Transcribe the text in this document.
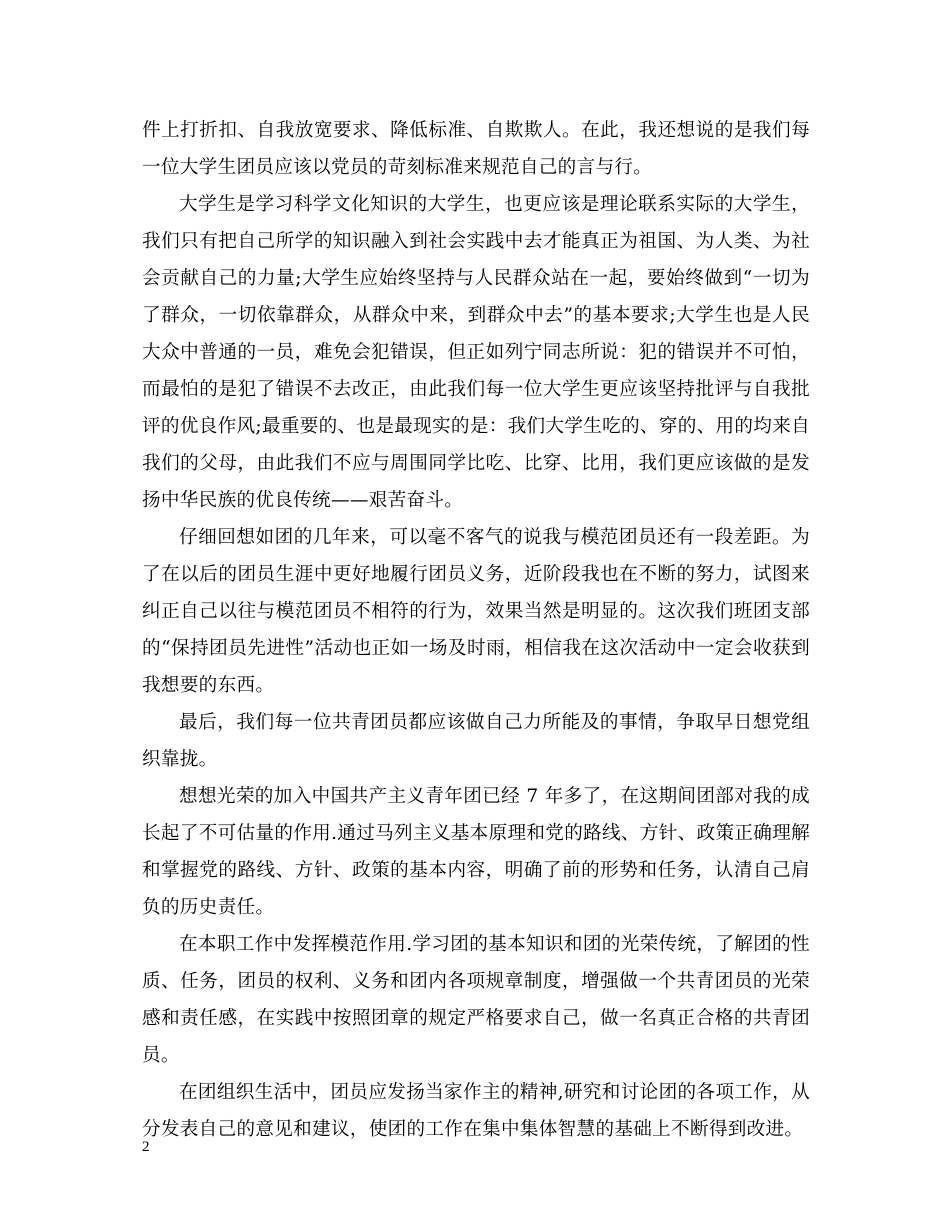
件上打折扣、自我放宽要求、降低标准、自欺欺人。在此，我还想说的是我们每一位大学生团员应该以党员的苛刻标准来规范自己的言与行。

大学生是学习科学文化知识的大学生，也更应该是理论联系实际的大学生，我们只有把自己所学的知识融入到社会实践中去才能真正为祖国、为人类、为社会贡献自己的力量;大学生应始终坚持与人民群众站在一起，要始终做到“一切为了群众，一切依靠群众，从群众中来，到群众中去”的基本要求;大学生也是人民大众中普通的一员，难免会犯错误，但正如列宁同志所说：犯的错误并不可怕，而最怕的是犯了错误不去改正，由此我们每一位大学生更应该坚持批评与自我批评的优良作风;最重要的、也是最现实的是：我们大学生吃的、穿的、用的均来自我们的父母，由此我们不应与周围同学比吃、比穿、比用，我们更应该做的是发扬中华民族的优良传统——艰苦奋斗。

仔细回想如团的几年来，可以毫不客气的说我与模范团员还有一段差距。为了在以后的团员生涯中更好地履行团员义务，近阶段我也在不断的努力，试图来纠正自己以往与模范团员不相符的行为，效果当然是明显的。这次我们班团支部的“保持团员先进性”活动也正如一场及时雨，相信我在这次活动中一定会收获到我想要的东西。

最后，我们每一位共青团员都应该做自己力所能及的事情，争取早日想党组织靠拢。

想想光荣的加入中国共产主义青年团已经 7 年多了，在这期间团部对我的成长起了不可估量的作用.通过马列主义基本原理和党的路线、方针、政策正确理解和掌握党的路线、方针、政策的基本内容，明确了前的形势和任务，认清自己肩负的历史责任。

在本职工作中发挥模范作用.学习团的基本知识和团的光荣传统，了解团的性质、任务，团员的权利、义务和团内各项规章制度，增强做一个共青团员的光荣感和责任感，在实践中按照团章的规定严格要求自己，做一名真正合格的共青团员。

在团组织生活中，团员应发扬当家作主的精神,研究和讨论团的各项工作，从分发表自己的意见和建议，使团的工作在集中集体智慧的基础上不断得到改进。

2
